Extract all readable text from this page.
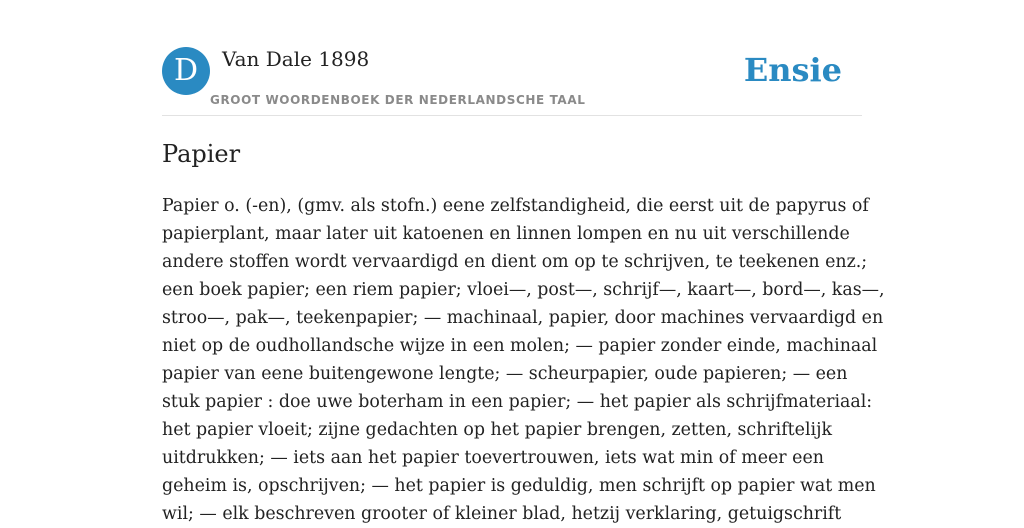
D	Van Dale 1898
GROOT WOORDENBOEK DER NEDERLANDSCHE TAAL
Ensie
Papier
Papier o. (-en), (gmv. als stofn.) eene zelfstandigheid, die eerst uit de papyrus of
papierplant, maar later uit katoenen en linnen lompen en nu uit verschillende
andere stoffen wordt vervaardigd en dient om op te schrijven, te teekenen enz.;
een boek papier; een riem papier; vloei—, post—, schrijf—, kaart—, bord—, kas—,
stroo—, pak—, teekenpapier; — machinaal, papier, door machines vervaardigd en
niet op de oudhollandsche wijze in een molen; — papier zonder einde, machinaal
papier van eene buitengewone lengte; — scheurpapier, oude papieren; — een
stuk papier : doe uwe boterham in een papier; — het papier als schrijfmateriaal:
het papier vloeit; zijne gedachten op het papier brengen, zetten, schriftelijk
uitdrukken; — iets aan het papier toevertrouwen, iets wat min of meer een
geheim is, opschrijven; — het papier is geduldig, men schrijft op papier wat men
wil; — elk beschreven grooter of kleiner blad, hetzij verklaring, getuigschrift
